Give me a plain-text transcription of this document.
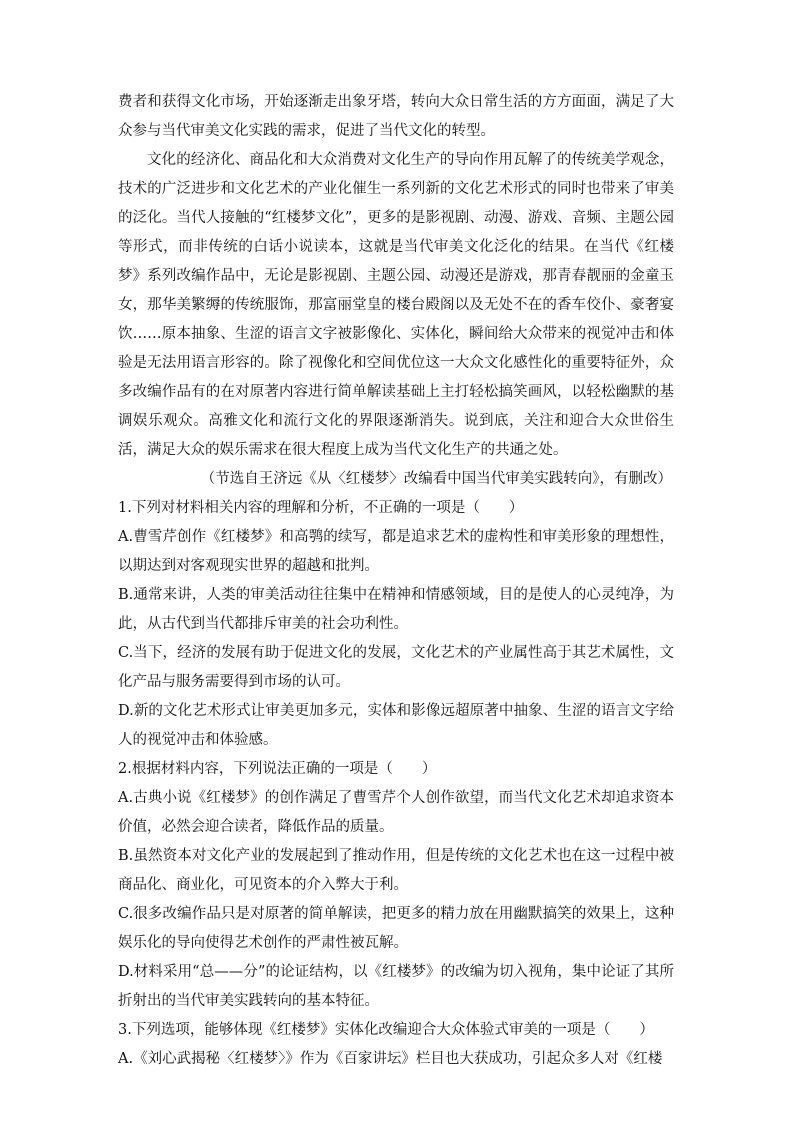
费者和获得文化市场，开始逐渐走出象牙塔，转向大众日常生活的方方面面，满足了大众参与当代审美文化实践的需求，促进了当代文化的转型。

文化的经济化、商品化和大众消费对文化生产的导向作用瓦解了的传统美学观念，技术的广泛进步和文化艺术的产业化催生一系列新的文化艺术形式的同时也带来了审美的泛化。当代人接触的“红楼梦文化”，更多的是影视剧、动漫、游戏、音频、主题公园等形式，而非传统的白话小说读本，这就是当代审美文化泛化的结果。在当代《红楼梦》系列改编作品中，无论是影视剧、主题公园、动漫还是游戏，那青春靓丽的金童玉女，那华美繁缛的传统服饰，那富丽堂皇的楼台殿阁以及无处不在的香车佼仆、豪奢宴饮……原本抽象、生涩的语言文字被影像化、实体化，瞬间给大众带来的视觉冲击和体验是无法用语言形容的。除了视像化和空间优位这一大众文化感性化的重要特征外，众多改编作品有的在对原著内容进行简单解读基础上主打轻松搞笑画风，以轻松幽默的基调娱乐观众。高雅文化和流行文化的界限逐渐消失。说到底，关注和迎合大众世俗生活，满足大众的娱乐需求在很大程度上成为当代文化生产的共通之处。

（节选自王济远《从〈红楼梦〉改编看中国当代审美实践转向》，有删改）

1.下列对材料相关内容的理解和分析，不正确的一项是（　　）

A.曹雪芹创作《红楼梦》和高鹗的续写，都是追求艺术的虚构性和审美形象的理想性，以期达到对客观现实世界的超越和批判。

B.通常来讲，人类的审美活动往往集中在精神和情感领域，目的是使人的心灵纯净，为此，从古代到当代都排斥审美的社会功利性。

C.当下，经济的发展有助于促进文化的发展，文化艺术的产业属性高于其艺术属性，文化产品与服务需要得到市场的认可。

D.新的文化艺术形式让审美更加多元，实体和影像远超原著中抽象、生涩的语言文字给人的视觉冲击和体验感。

2.根据材料内容，下列说法正确的一项是（　　）

A.古典小说《红楼梦》的创作满足了曹雪芹个人创作欲望，而当代文化艺术却追求资本价值，必然会迎合读者，降低作品的质量。

B.虽然资本对文化产业的发展起到了推动作用，但是传统的文化艺术也在这一过程中被商品化、商业化，可见资本的介入弊大于利。

C.很多改编作品只是对原著的简单解读，把更多的精力放在用幽默搞笑的效果上，这种娱乐化的导向使得艺术创作的严肃性被瓦解。

D.材料采用“总——分”的论证结构，以《红楼梦》的改编为切入视角，集中论证了其所折射出的当代审美实践转向的基本特征。

3.下列选项，能够体现《红楼梦》实体化改编迎合大众体验式审美的一项是（　　）

A.《刘心武揭秘〈红楼梦〉》作为《百家讲坛》栏目也大获成功，引起众多人对《红楼
